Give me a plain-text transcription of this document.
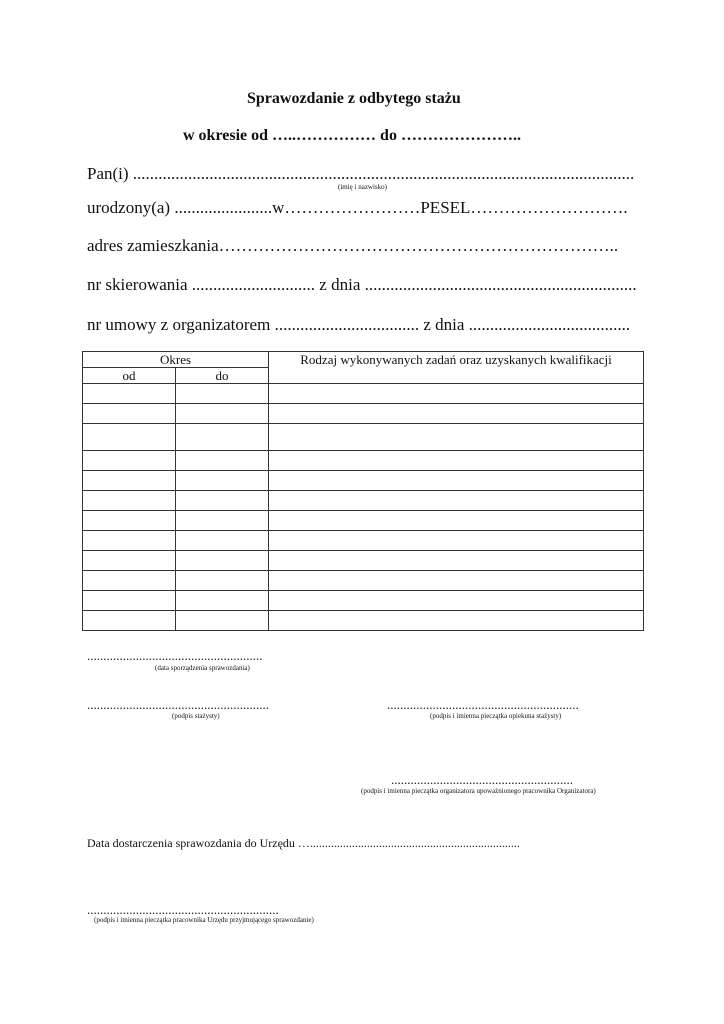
Sprawozdanie z odbytego stażu
w okresie od …..…………… do …………………..
Pan(i) ......................................................................................................................
(imię i nazwisko)
urodzony(a) .......................w……………………PESEL……………………….
adres zamieszkania……………………………………………………………..
nr skierowania ............................. z dnia ................................................................
nr umowy z organizatorem .................................. z dnia ......................................
Okres		Rodzaj wykonywanych zadań oraz uzyskanych kwalifikacji
od	do	

......................................................
(data sporządzenia sprawozdania)
........................................................
(podpis stażysty)
...........................................................
(podpis i imienna pieczątka opiekuna stażysty)
........................................................
(podpis i imienna pieczątka organizatora upoważnionego pracownika Organizatora)
Data dostarczenia sprawozdania do Urzędu …......................................................................
...........................................................
(podpis i imienna pieczątka pracownika Urzędu przyjmującego sprawozdanie)
